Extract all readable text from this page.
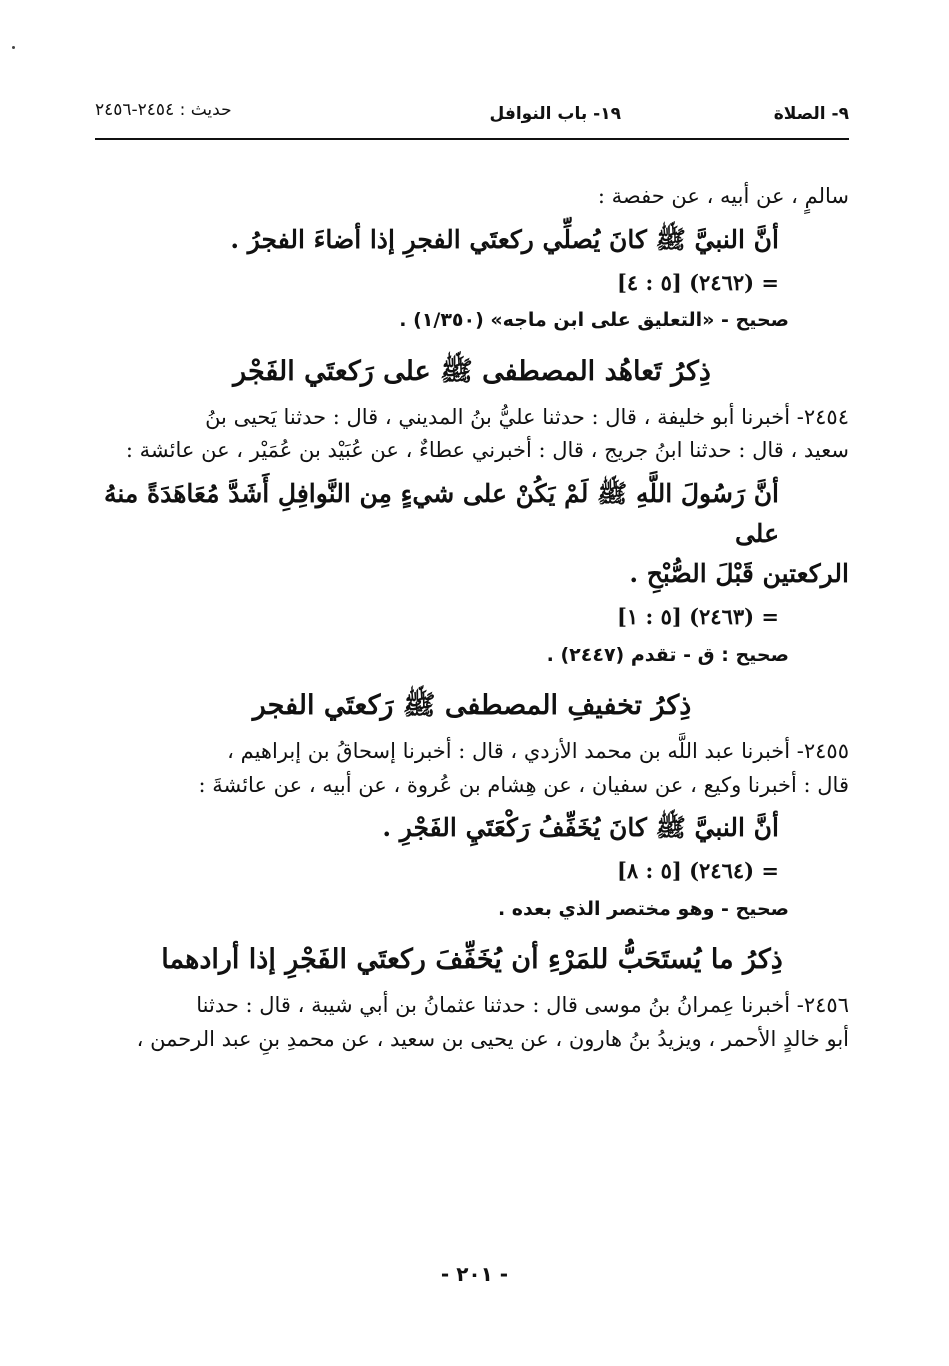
٩- الصلاة
١٩- باب النوافل
حديث : ٢٤٥٤-٢٤٥٦

سالمٍ ، عن أبيه ، عن حفصة :

أنَّ النبيَّ ﷺ كانَ يُصلِّي ركعتَي الفجرِ إذا أضاءَ الفجرُ .

= (٢٤٦٢) [٥ : ٤]

صحيح - «التعليق على ابن ماجه» (١/٣٥٠) .

ذِكرُ تَعاهُد المصطفى ﷺ على رَكعتَي الفَجْر

٢٤٥٤- أخبرنا أبو خليفة ، قال : حدثنا عليُّ بنُ المديني ، قال : حدثنا يَحيى بنُ

سعيد ، قال : حدثنا ابنُ جريج ، قال : أخبرني عطاءٌ ، عن عُبَيْد بن عُمَيْر ، عن عائشة :

أنَّ رَسُولَ اللَّهِ ﷺ لَمْ يَكُنْ على شيءٍ مِن النَّوافِلِ أَشَدَّ مُعَاهَدَةً منهُ على

الركعتين قَبْلَ الصُّبْحِ .

= (٢٤٦٣) [٥ : ١]

صحيح : ق - تقدم (٢٤٤٧) .

ذِكرُ تخفيفِ المصطفى ﷺ رَكعتَي الفجر

٢٤٥٥- أخبرنا عبد اللَّه بن محمد الأزدي ، قال : أخبرنا إسحاقُ بن إبراهيم ،

قال : أخبرنا وكيع ، عن سفيان ، عن هِشام بن عُروة ، عن أبيه ، عن عائشةَ :

أنَّ النبيَّ ﷺ كانَ يُخَفِّفُ رَكْعَتَيِ الفَجْرِ .

= (٢٤٦٤) [٥ : ٨]

صحيح - وهو مختصر الذي بعده .

ذِكرُ ما يُستَحَبُّ للمَرْءِ أن يُخَفِّفَ ركعتَي الفَجْرِ إذا أرادهما

٢٤٥٦- أخبرنا عِمرانُ بنُ موسى قال : حدثنا عثمانُ بن أبي شيبة ، قال : حدثنا

أبو خالدٍ الأحمر ، ويزيدُ بنُ هارون ، عن يحيى بن سعيد ، عن محمدِ بنِ عبد الرحمن ،

- ٢٠١ -
